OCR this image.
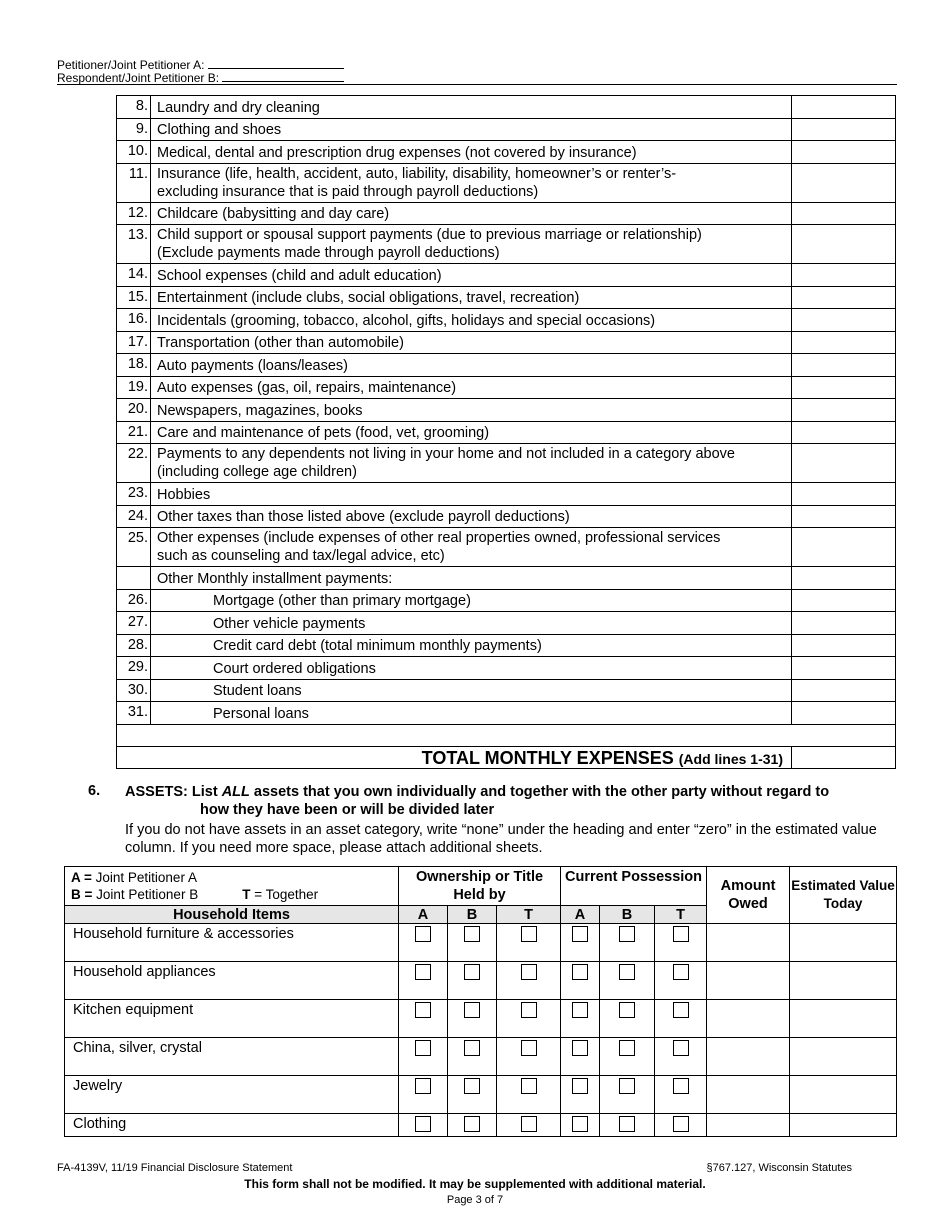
Petitioner/Joint Petitioner A:
Respondent/Joint Petitioner B:
8.	Laundry and dry cleaning	

9.	Clothing and shoes	

10.	Medical, dental and prescription drug expenses (not covered by insurance)	

11.	Insurance (life, health, accident, auto, liability, disability, homeowner’s or renter’s-
excluding insurance that is paid through payroll deductions)	

12.	Childcare (babysitting and day care)	

13.	Child support or spousal support payments (due to previous marriage or relationship)
(Exclude payments made through payroll deductions)	

14.	School expenses (child and adult education)	

15.	Entertainment (include clubs, social obligations, travel, recreation)	

16.	Incidentals (grooming, tobacco, alcohol, gifts, holidays and special occasions)	

17.	Transportation (other than automobile)	

18.	Auto payments (loans/leases)	

19.	Auto expenses (gas, oil, repairs, maintenance)	

20.	Newspapers, magazines, books	

21.	Care and maintenance of pets (food, vet, grooming)	

22.	Payments to any dependents not living in your home and not included in a category above
(including college age children)	

23.	Hobbies	

24.	Other taxes than those listed above (exclude payroll deductions)	

25.	Other expenses (include expenses of other real properties owned, professional services
such as counseling and tax/legal advice, etc)	

	Other Monthly installment payments:	
26.	Mortgage (other than primary mortgage)	
27.	Other vehicle payments	
28.	Credit card debt (total minimum monthly payments)	
29.	Court ordered obligations	
30.	Student loans	
31.	Personal loans	

TOTAL MONTHLY EXPENSES (Add lines 1-31)		
6. ASSETS: List ALL assets that you own individually and together with the other party without regard to
how they have been or will be divided later
If you do not have assets in an asset category, write “none” under the heading and enter “zero” in the estimated value column. If you need more space, please attach additional sheets.
A = Joint Petitioner A
B = Joint Petitioner B T = Together	Ownership or Title Held by			Current Possession			Amount Owed	Estimated Value Today
Household Items	A	B	T	A	B	T		
Household furniture & accessories								
Household appliances								
Kitchen equipment								
China, silver, crystal								
Jewelry								
Clothing								
FA-4139V, 11/19 Financial Disclosure Statement	§767.127, Wisconsin Statutes
This form shall not be modified. It may be supplemented with additional material.
Page 3 of 7
